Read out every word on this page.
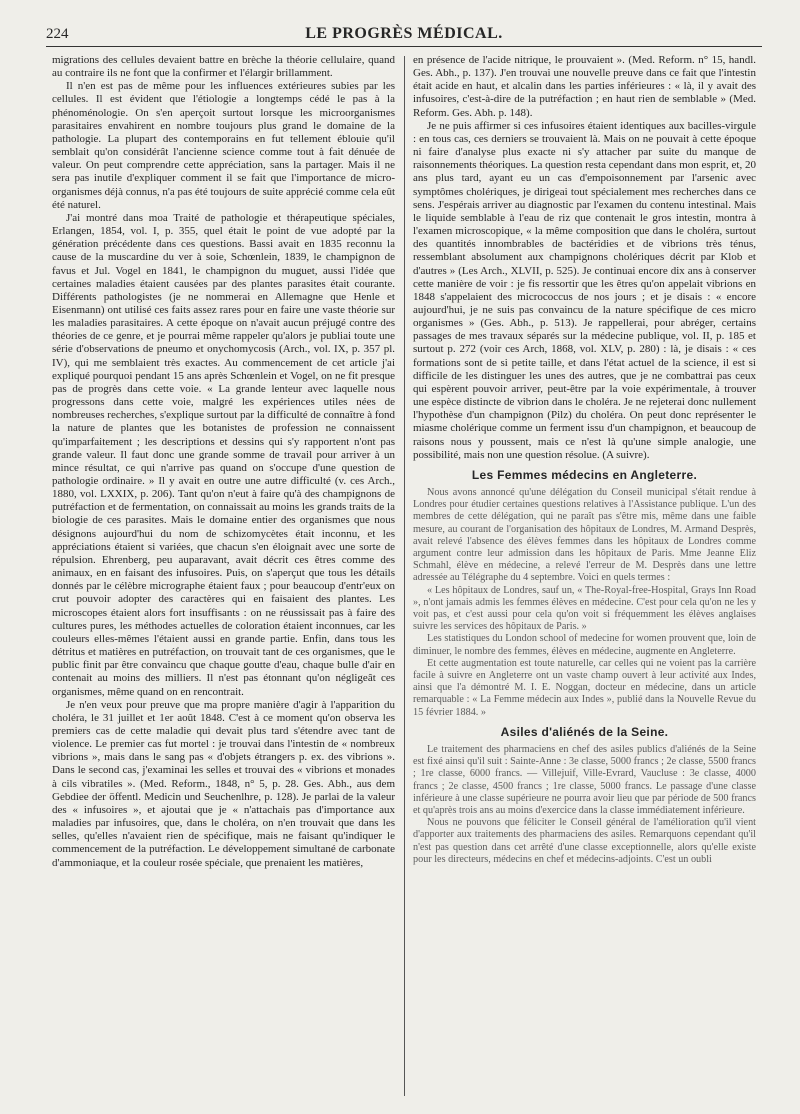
224	LE PROGRÈS MÉDICAL.

migrations des cellules devaient battre en brèche la théorie cellulaire, quand au contraire ils ne font que la confirmer et l'élargir brillamment.

Il n'en est pas de même pour les influences extérieures subies par les cellules. Il est évident que l'étiologie a longtemps cédé le pas à la phénoménologie. On s'en aperçoit surtout lorsque les microorganismes parasitaires envahirent en nombre toujours plus grand le domaine de la pathologie. La plupart des contemporains en fut tellement éblouie qu'il semblait qu'on considérât l'ancienne science comme tout à fait dénuée de valeur. On peut comprendre cette appréciation, sans la partager. Mais il ne sera pas inutile d'expliquer comment il se fait que l'importance de micro-organismes déjà connus, n'a pas été toujours de suite apprécié comme cela eût été naturel.

J'ai montré dans moa Traité de pathologie et thérapeutique spéciales, Erlangen, 1854, vol. I, p. 355, quel était le point de vue adopté par la génération précédente dans ces questions. Bassi avait en 1835 reconnu la cause de la muscardine du ver à soie, Schœnlein, 1839, le champignon de favus et Jul. Vogel en 1841, le champignon du muguet, aussi l'idée que certaines maladies étaient causées par des plantes parasites était courante. Différents pathologistes (je ne nommerai en Allemagne que Henle et Eisenmann) ont utilisé ces faits assez rares pour en faire une vaste théorie sur les maladies parasitaires. A cette époque on n'avait aucun préjugé contre des théories de ce genre, et je pourrai même rappeler qu'alors je publiai toute une série d'observations de pneumo et onychomycosis (Arch., vol. IX, p. 357 pl. IV), qui me semblaient très exactes. Au commencement de cet article j'ai expliqué pourquoi pendant 15 ans après Schœnlein et Vogel, on ne fit presque pas de progrès dans cette voie. « La grande lenteur avec laquelle nous progressons dans cette voie, malgré les expériences utiles nées de nombreuses recherches, s'explique surtout par la difficulté de connaître à fond la nature de plantes que les botanistes de profession ne connaissent qu'imparfaitement ; les descriptions et dessins qui s'y rapportent n'ont pas grande valeur. Il faut donc une grande somme de travail pour arriver à un mince résultat, ce qui n'arrive pas quand on s'occupe d'une question de pathologie ordinaire. » Il y avait en outre une autre difficulté (v. ces Arch., 1880, vol. LXXIX, p. 206). Tant qu'on n'eut à faire qu'à des champignons de putréfaction et de fermentation, on connaissait au moins les grands traits de la biologie de ces parasites. Mais le domaine entier des organismes que nous désignons aujourd'hui du nom de schizomycètes était inconnu, et les appréciations étaient si variées, que chacun s'en éloignait avec une sorte de répulsion. Ehrenberg, peu auparavant, avait décrit ces êtres comme des animaux, en en faisant des infusoires. Puis, on s'aperçut que tous les détails donnés par le célèbre micrographe étaient faux ; pour beaucoup d'entr'eux on crut pouvoir adopter des caractères qui en faisaient des plantes. Les microscopes étaient alors fort insuffisants : on ne réussissait pas à faire des cultures pures, les méthodes actuelles de coloration étaient inconnues, car les couleurs elles-mêmes l'étaient aussi en grande partie. Enfin, dans tous les détritus et matières en putréfaction, on trouvait tant de ces organismes, que le public finit par être convaincu que chaque goutte d'eau, chaque bulle d'air en contenait au moins des milliers. Il n'est pas étonnant qu'on négligeât ces organismes, même quand on en rencontrait.

Je n'en veux pour preuve que ma propre manière d'agir à l'apparition du choléra, le 31 juillet et 1er août 1848. C'est à ce moment qu'on observa les premiers cas de cette maladie qui devait plus tard s'étendre avec tant de violence. Le premier cas fut mortel : je trouvai dans l'intestin de « nombreux vibrions », mais dans le sang pas « d'objets étrangers p. ex. des vibrions ». Dans le second cas, j'examinai les selles et trouvai des « vibrions et monades à cils vibratiles ». (Med. Reform., 1848, n° 5, p. 28. Ges. Abh., aus dem Gebdiee der öffentl. Medicin und Seuchenlhre, p. 128). Je parlai de la valeur des « infusoires », et ajoutai que je « n'attachais pas d'importance aux maladies par infusoires, que, dans le choléra, on n'en trouvait que dans les selles, qu'elles n'avaient rien de spécifique, mais ne faisant qu'indiquer le commencement de la putréfaction. Le développement simultané de carbonate d'ammoniaque, et la couleur rosée spéciale, que prenaient les matières,

en présence de l'acide nitrique, le prouvaient ». (Med. Reform. n° 15, handl. Ges. Abh., p. 137). J'en trouvai une nouvelle preuve dans ce fait que l'intestin était acide en haut, et alcalin dans les parties inférieures : « là, il y avait des infusoires, c'est-à-dire de la putréfaction ; en haut rien de semblable » (Med. Reform. Ges. Abh. p. 148).

Je ne puis affirmer si ces infusoires étaient identiques aux bacilles-virgule : en tous cas, ces derniers se trouvaient là. Mais on ne pouvait à cette époque ni faire d'analyse plus exacte ni s'y attacher par suite du manque de raisonnements théoriques. La question resta cependant dans mon esprit, et, 20 ans plus tard, ayant eu un cas d'empoisonnement par l'arsenic avec symptômes cholériques, je dirigeai tout spécialement mes recherches dans ce sens. J'espérais arriver au diagnostic par l'examen du contenu intestinal. Mais le liquide semblable à l'eau de riz que contenait le gros intestin, montra à l'examen microscopique, « la même composition que dans le choléra, surtout des quantités innombrables de bactéridies et de vibrions très ténus, ressemblant absolument aux champignons cholériques décrit par Klob et d'autres » (Les Arch., XLVII, p. 525). Je continuai encore dix ans à conserver cette manière de voir : je fis ressortir que les êtres qu'on appelait vibrions en 1848 s'appelaient des micrococcus de nos jours ; et je disais : « encore aujourd'hui, je ne suis pas convaincu de la nature spécifique de ces micro organismes » (Ges. Abh., p. 513). Je rappellerai, pour abréger, certains passages de mes travaux séparés sur la médecine publique, vol. II, p. 185 et surtout p. 272 (voir ces Arch, 1868, vol. XLV, p. 280) : là, je disais : « ces formations sont de si petite taille, et dans l'état actuel de la science, il est si difficile de les distinguer les unes des autres, que je ne combattrai pas ceux qui espèrent pouvoir arriver, peut-être par la voie expérimentale, à trouver une espèce distincte de vibrion dans le choléra. Je ne rejeterai donc nullement l'hypothèse d'un champignon (Pilz) du choléra. On peut donc représenter le miasme cholérique comme un ferment issu d'un champignon, et beaucoup de raisons nous y poussent, mais ce n'est là qu'une simple analogie, une possibilité, mais non une question résolue. (A suivre).

Les Femmes médecins en Angleterre.

Nous avons annoncé qu'une délégation du Conseil municipal s'était rendue à Londres pour étudier certaines questions relatives à l'Assistance publique. L'un des membres de cette délégation, qui ne paraît pas s'être mis, même dans une faible mesure, au courant de l'organisation des hôpitaux de Londres, M. Armand Desprès, avait relevé l'absence des élèves femmes dans les hôpitaux de Londres comme argument contre leur admission dans les hôpitaux de Paris. Mme Jeanne Eliz Schmahl, élève en médecine, a relevé l'erreur de M. Desprès dans une lettre adressée au Télégraphe du 4 septembre. Voici en quels termes :

« Les hôpitaux de Londres, sauf un, « The-Royal-free-Hospital, Grays Inn Road », n'ont jamais admis les femmes élèves en médecine. C'est pour cela qu'on ne les y voit pas, et c'est aussi pour cela qu'on voit si fréquemment les élèves anglaises suivre les services des hôpitaux de Paris. »

Les statistiques du London school of medecine for women prouvent que, loin de diminuer, le nombre des femmes, élèves en médecine, augmente en Angleterre.

Et cette augmentation est toute naturelle, car celles qui ne voient pas la carrière facile à suivre en Angleterre ont un vaste champ ouvert à leur activité aux Indes, ainsi que l'a démontré M. I. E. Noggan, docteur en médecine, dans un article remarquable : « La Femme médecin aux Indes », publié dans la Nouvelle Revue du 15 février 1884. »

Asiles d'aliénés de la Seine.

Le traitement des pharmaciens en chef des asiles publics d'aliénés de la Seine est fixé ainsi qu'il suit : Sainte-Anne : 3e classe, 5000 francs ; 2e classe, 5500 francs ; 1re classe, 6000 francs. — Villejuif, Ville-Evrard, Vaucluse : 3e classe, 4000 francs ; 2e classe, 4500 francs ; 1re classe, 5000 francs. Le passage d'une classe inférieure à une classe supérieure ne pourra avoir lieu que par période de 500 francs et qu'après trois ans au moins d'exercice dans la classe immédiatement inférieure.

Nous ne pouvons que féliciter le Conseil général de l'amélioration qu'il vient d'apporter aux traitements des pharmaciens des asiles. Remarquons cependant qu'il n'est pas question dans cet arrêté d'une classe exceptionnelle, alors qu'elle existe pour les directeurs, médecins en chef et médecins-adjoints. C'est un oubli
